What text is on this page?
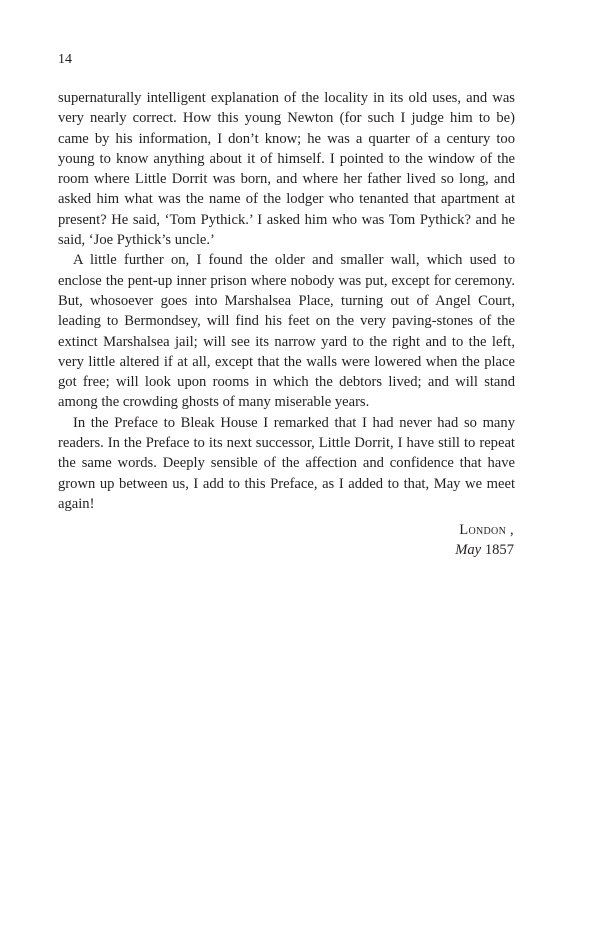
14

supernaturally intelligent explanation of the locality in its old uses, and was very nearly correct. How this young Newton (for such I judge him to be) came by his information, I don’t know; he was a quarter of a century too young to know anything about it of himself. I pointed to the window of the room where Little Dorrit was born, and where her father lived so long, and asked him what was the name of the lodger who tenanted that apartment at present? He said, ‘Tom Pythick.’ I asked him who was Tom Pythick? and he said, ‘Joe Pythick’s uncle.’

A little further on, I found the older and smaller wall, which used to enclose the pent-up inner prison where nobody was put, except for ceremony. But, whosoever goes into Marshalsea Place, turning out of Angel Court, leading to Bermondsey, will find his feet on the very paving-stones of the extinct Marshalsea jail; will see its narrow yard to the right and to the left, very little altered if at all, except that the walls were lowered when the place got free; will look upon rooms in which the debtors lived; and will stand among the crowding ghosts of many miserable years.

In the Preface to Bleak House I remarked that I had never had so many readers. In the Preface to its next successor, Little Dorrit, I have still to repeat the same words. Deeply sensible of the affection and confidence that have grown up between us, I add to this Preface, as I added to that, May we meet again!

London ,
May 1857
